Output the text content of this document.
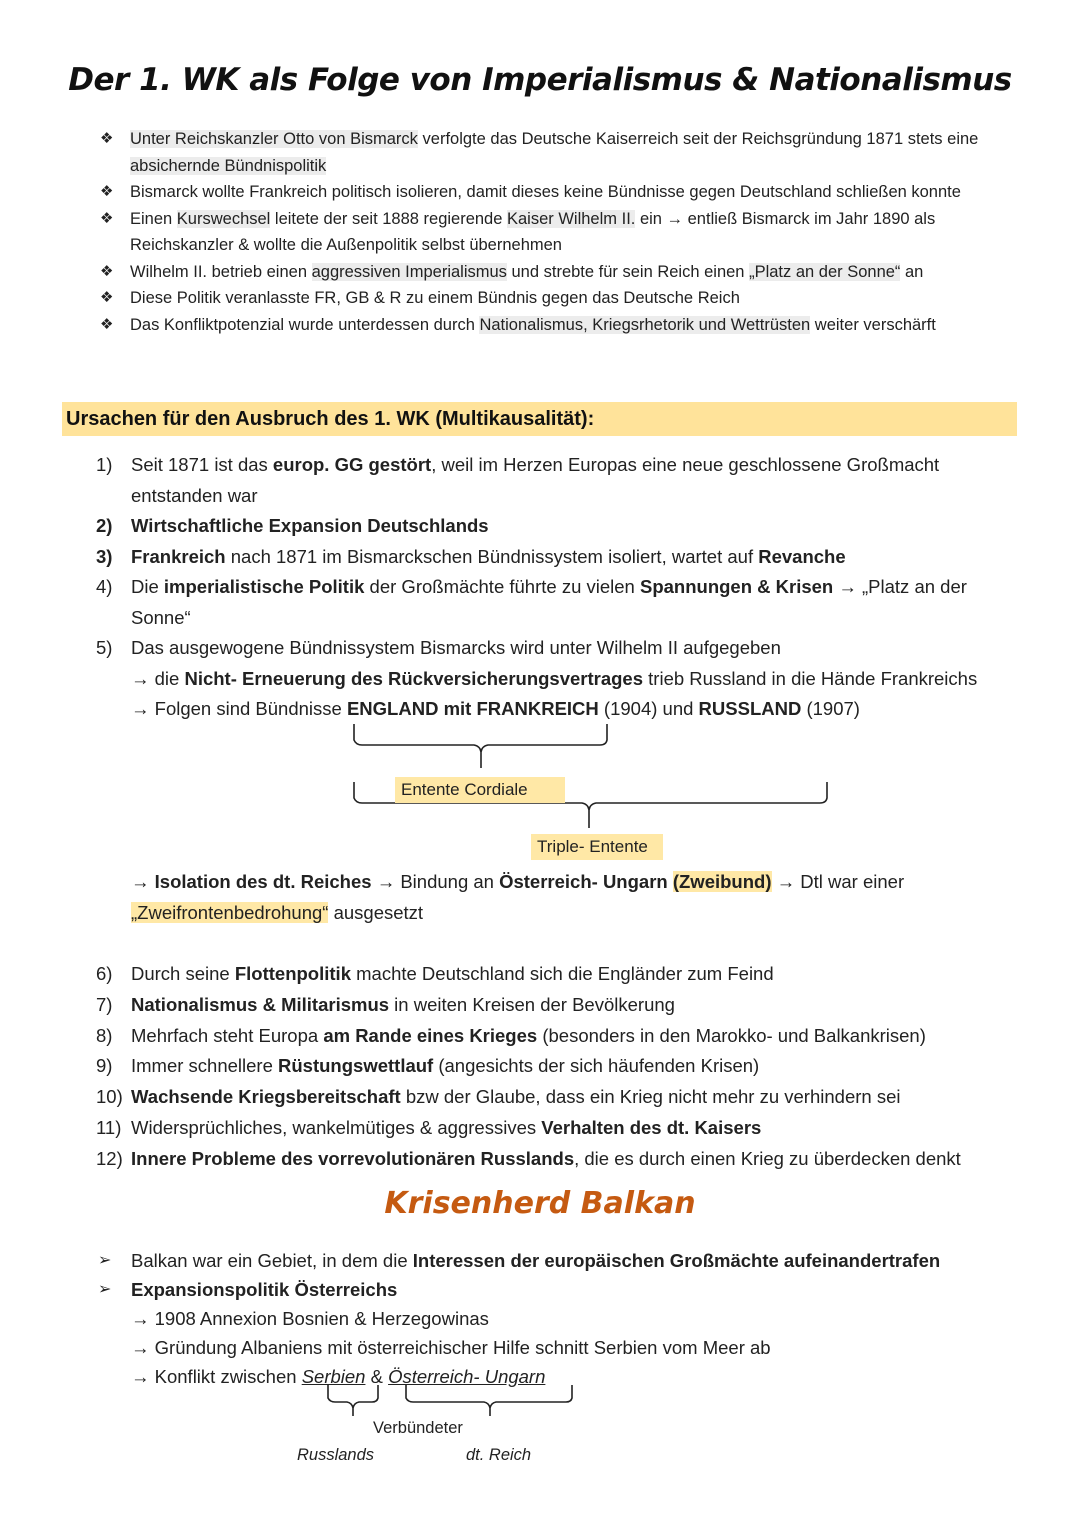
Der 1. WK als Folge von Imperialismus & Nationalismus
❖ Unter Reichskanzler Otto von Bismarck verfolgte das Deutsche Kaiserreich seit der Reichsgründung 1871 stets eine absichernde Bündnispolitik
❖ Bismarck wollte Frankreich politisch isolieren, damit dieses keine Bündnisse gegen Deutschland schließen konnte
❖ Einen Kurswechsel leitete der seit 1888 regierende Kaiser Wilhelm II. ein → entließ Bismarck im Jahr 1890 als Reichskanzler & wollte die Außenpolitik selbst übernehmen
❖ Wilhelm II. betrieb einen aggressiven Imperialismus und strebte für sein Reich einen „Platz an der Sonne“ an
❖ Diese Politik veranlasste FR, GB & R zu einem Bündnis gegen das Deutsche Reich
❖ Das Konfliktpotenzial wurde unterdessen durch Nationalismus, Kriegsrhetorik und Wettrüsten weiter verschärft
Ursachen für den Ausbruch des 1. WK (Multikausalität):
1) Seit 1871 ist das europ. GG gestört, weil im Herzen Europas eine neue geschlossene Großmacht entstanden war
2) Wirtschaftliche Expansion Deutschlands
3) Frankreich nach 1871 im Bismarckschen Bündnissystem isoliert, wartet auf Revanche
4) Die imperialistische Politik der Großmächte führte zu vielen Spannungen & Krisen → „Platz an der Sonne“
5) Das ausgewogene Bündnissystem Bismarcks wird unter Wilhelm II aufgegeben
→ die Nicht- Erneuerung des Rückversicherungsvertrages trieb Russland in die Hände Frankreichs
→ Folgen sind Bündnisse ENGLAND mit FRANKREICH (1904) und RUSSLAND (1907)
Entente Cordiale
Triple- Entente
→ Isolation des dt. Reiches → Bindung an Österreich- Ungarn (Zweibund) → Dtl war einer
„Zweifrontenbedrohung“ ausgesetzt
6) Durch seine Flottenpolitik machte Deutschland sich die Engländer zum Feind
7) Nationalismus & Militarismus in weiten Kreisen der Bevölkerung
8) Mehrfach steht Europa am Rande eines Krieges (besonders in den Marokko- und Balkankrisen)
9) Immer schnellere Rüstungswettlauf (angesichts der sich häufenden Krisen)
10) Wachsende Kriegsbereitschaft bzw der Glaube, dass ein Krieg nicht mehr zu verhindern sei
11) Widersprüchliches, wankelmütiges & aggressives Verhalten des dt. Kaisers
12) Innere Probleme des vorrevolutionären Russlands, die es durch einen Krieg zu überdecken denkt
Krisenherd Balkan
➢ Balkan war ein Gebiet, in dem die Interessen der europäischen Großmächte aufeinandertrafen
➢ Expansionspolitik Österreichs
→ 1908 Annexion Bosnien & Herzegowinas
→ Gründung Albaniens mit österreichischer Hilfe schnitt Serbien vom Meer ab
→ Konflikt zwischen Serbien & Österreich- Ungarn
Verbündeter
Russlands	dt. Reich
